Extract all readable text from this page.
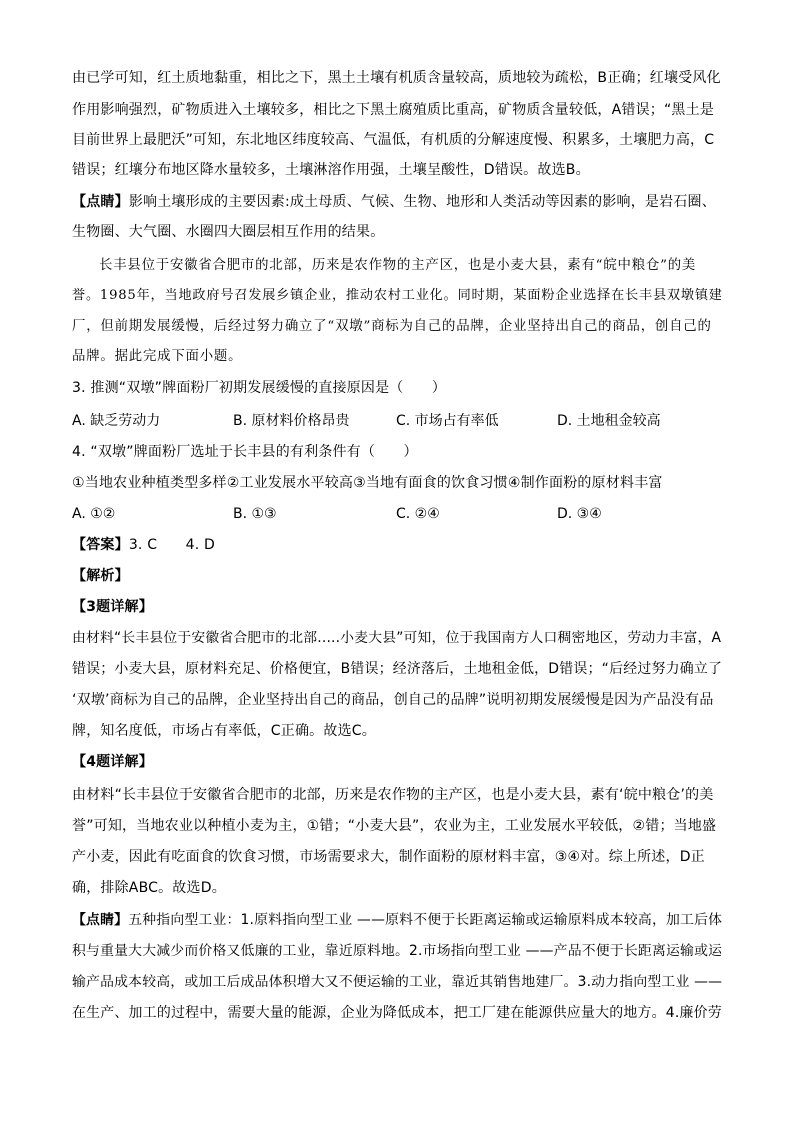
由已学可知，红土质地黏重，相比之下，黑土土壤有机质含量较高，质地较为疏松，B正确；红壤受风化
作用影响强烈，矿物质进入土壤较多，相比之下黑土腐殖质比重高，矿物质含量较低，A错误；“黑土是
目前世界上最肥沃”可知，东北地区纬度较高、气温低，有机质的分解速度慢、积累多，土壤肥力高，C
错误；红壤分布地区降水量较多，土壤淋溶作用强，土壤呈酸性，D错误。故选B。
【点睛】影响土壤形成的主要因素:成土母质、气候、生物、地形和人类活动等因素的影响，是岩石圈、
生物圈、大气圈、水圈四大圈层相互作用的结果。
长丰县位于安徽省合肥市的北部，历来是农作物的主产区，也是小麦大县，素有“皖中粮仓”的美
誉。1985年，当地政府号召发展乡镇企业，推动农村工业化。同时期，某面粉企业选择在长丰县双墩镇建
厂，但前期发展缓慢，后经过努力确立了“双墩”商标为自己的品牌，企业坚持出自己的商品，创自己的
品牌。据此完成下面小题。
3. 推测“双墩”牌面粉厂初期发展缓慢的直接原因是（　　）
A. 缺乏劳动力	B. 原材料价格昂贵	C. 市场占有率低	D. 土地租金较高
4. “双墩”牌面粉厂选址于长丰县的有利条件有（　　）
①当地农业种植类型多样②工业发展水平较高③当地有面食的饮食习惯④制作面粉的原材料丰富
A. ①②	B. ①③	C. ②④	D. ③④
【答案】3. C　　4. D
【解析】
【3题详解】
由材料“长丰县位于安徽省合肥市的北部.....小麦大县”可知，位于我国南方人口稠密地区，劳动力丰富，A
错误；小麦大县，原材料充足、价格便宜，B错误；经济落后，土地租金低，D错误；“后经过努力确立了
‘双墩’商标为自己的品牌，企业坚持出自己的商品，创自己的品牌”说明初期发展缓慢是因为产品没有品
牌，知名度低，市场占有率低，C正确。故选C。
【4题详解】
由材料“长丰县位于安徽省合肥市的北部，历来是农作物的主产区，也是小麦大县，素有‘皖中粮仓’的美
誉”可知，当地农业以种植小麦为主，①错；“小麦大县”，农业为主，工业发展水平较低，②错；当地盛
产小麦，因此有吃面食的饮食习惯，市场需要求大，制作面粉的原材料丰富，③④对。综上所述，D正
确，排除ABC。故选D。
【点睛】五种指向型工业：1.原料指向型工业 ——原料不便于长距离运输或运输原料成本较高，加工后体
积与重量大大减少而价格又低廉的工业，靠近原料地。2.市场指向型工业 ——产品不便于长距离运输或运
输产品成本较高，或加工后成品体积增大又不便运输的工业，靠近其销售地建厂。3.动力指向型工业 ——
在生产、加工的过程中，需要大量的能源，企业为降低成本，把工厂建在能源供应量大的地方。4.廉价劳
